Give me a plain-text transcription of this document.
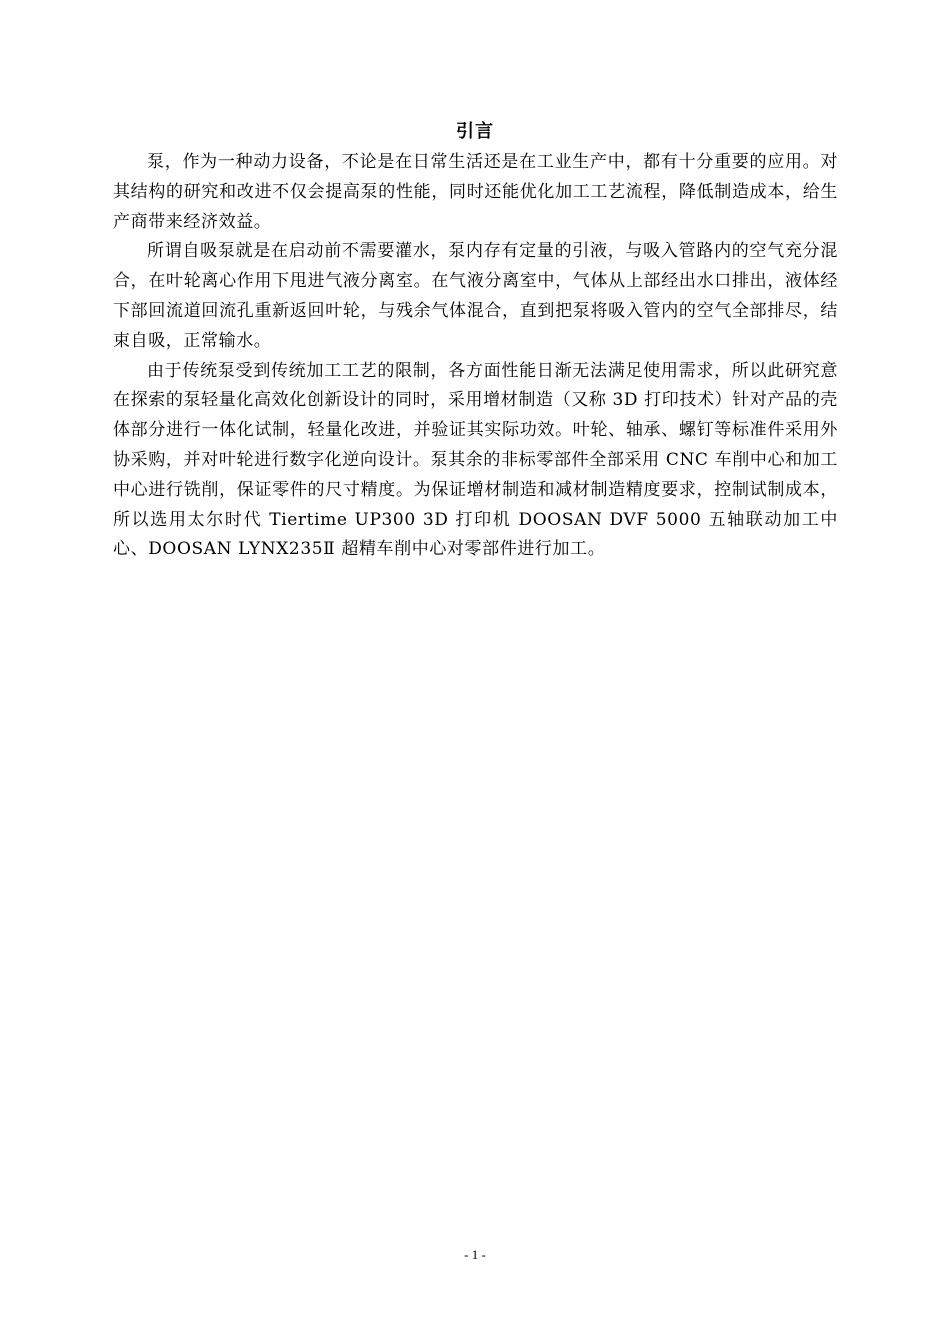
引言

泵，作为一种动力设备，不论是在日常生活还是在工业生产中，都有十分重要的应用。对其结构的研究和改进不仅会提高泵的性能，同时还能优化加工工艺流程，降低制造成本，给生产商带来经济效益。

所谓自吸泵就是在启动前不需要灌水，泵内存有定量的引液，与吸入管路内的空气充分混合，在叶轮离心作用下甩进气液分离室。在气液分离室中，气体从上部经出水口排出，液体经下部回流道回流孔重新返回叶轮，与残余气体混合，直到把泵将吸入管内的空气全部排尽，结束自吸，正常输水。

由于传统泵受到传统加工工艺的限制，各方面性能日渐无法满足使用需求，所以此研究意在探索的泵轻量化高效化创新设计的同时，采用增材制造（又称 3D 打印技术）针对产品的壳体部分进行一体化试制，轻量化改进，并验证其实际功效。叶轮、轴承、螺钉等标准件采用外协采购，并对叶轮进行数字化逆向设计。泵其余的非标零部件全部采用 CNC 车削中心和加工中心进行铣削，保证零件的尺寸精度。为保证增材制造和减材制造精度要求，控制试制成本，所以选用太尔时代 Tiertime UP300 3D 打印机 DOOSAN DVF 5000 五轴联动加工中心、DOOSAN LYNX235Ⅱ 超精车削中心对零部件进行加工。

- 1 -
